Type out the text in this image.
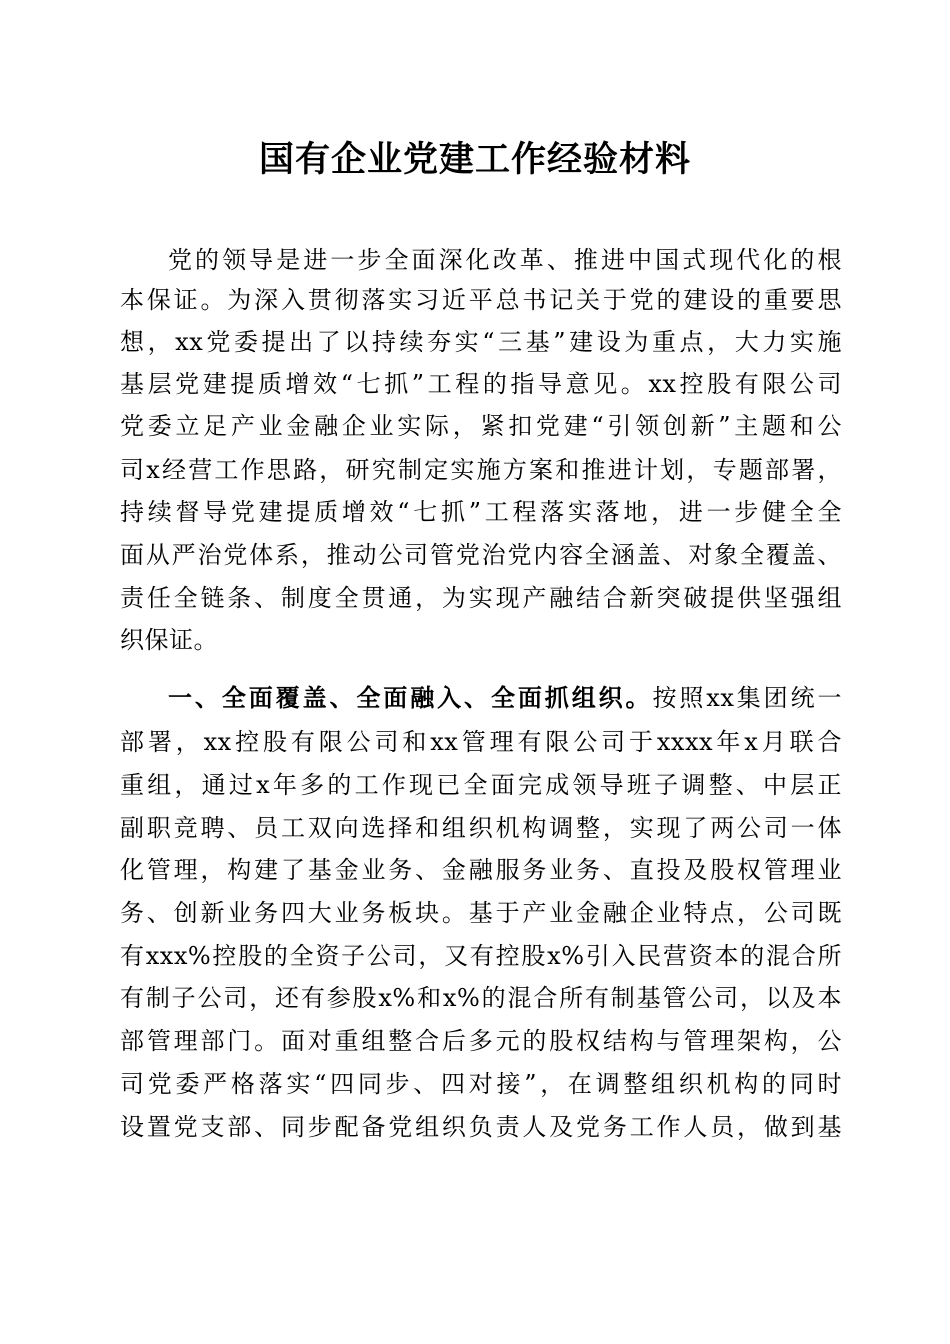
国有企业党建工作经验材料
党的领导是进一步全面深化改革、推进中国式现代化的根
本保证。为深入贯彻落实习近平总书记关于党的建设的重要思
想，xx党委提出了以持续夯实“三基”建设为重点，大力实施
基层党建提质增效“七抓”工程的指导意见。xx控股有限公司
党委立足产业金融企业实际，紧扣党建“引领创新”主题和公
司x经营工作思路，研究制定实施方案和推进计划，专题部署，
持续督导党建提质增效“七抓”工程落实落地，进一步健全全
面从严治党体系，推动公司管党治党内容全涵盖、对象全覆盖、
责任全链条、制度全贯通，为实现产融结合新突破提供坚强组
织保证。
一、全面覆盖、全面融入、全面抓组织。按照xx集团统一
部署，xx控股有限公司和xx管理有限公司于xxxx年x月联合
重组，通过x年多的工作现已全面完成领导班子调整、中层正
副职竞聘、员工双向选择和组织机构调整，实现了两公司一体
化管理，构建了基金业务、金融服务业务、直投及股权管理业
务、创新业务四大业务板块。基于产业金融企业特点，公司既
有xxx%控股的全资子公司，又有控股x%引入民营资本的混合所
有制子公司，还有参股x%和x%的混合所有制基管公司，以及本
部管理部门。面对重组整合后多元的股权结构与管理架构，公
司党委严格落实“四同步、四对接”，在调整组织机构的同时
设置党支部、同步配备党组织负责人及党务工作人员，做到基
